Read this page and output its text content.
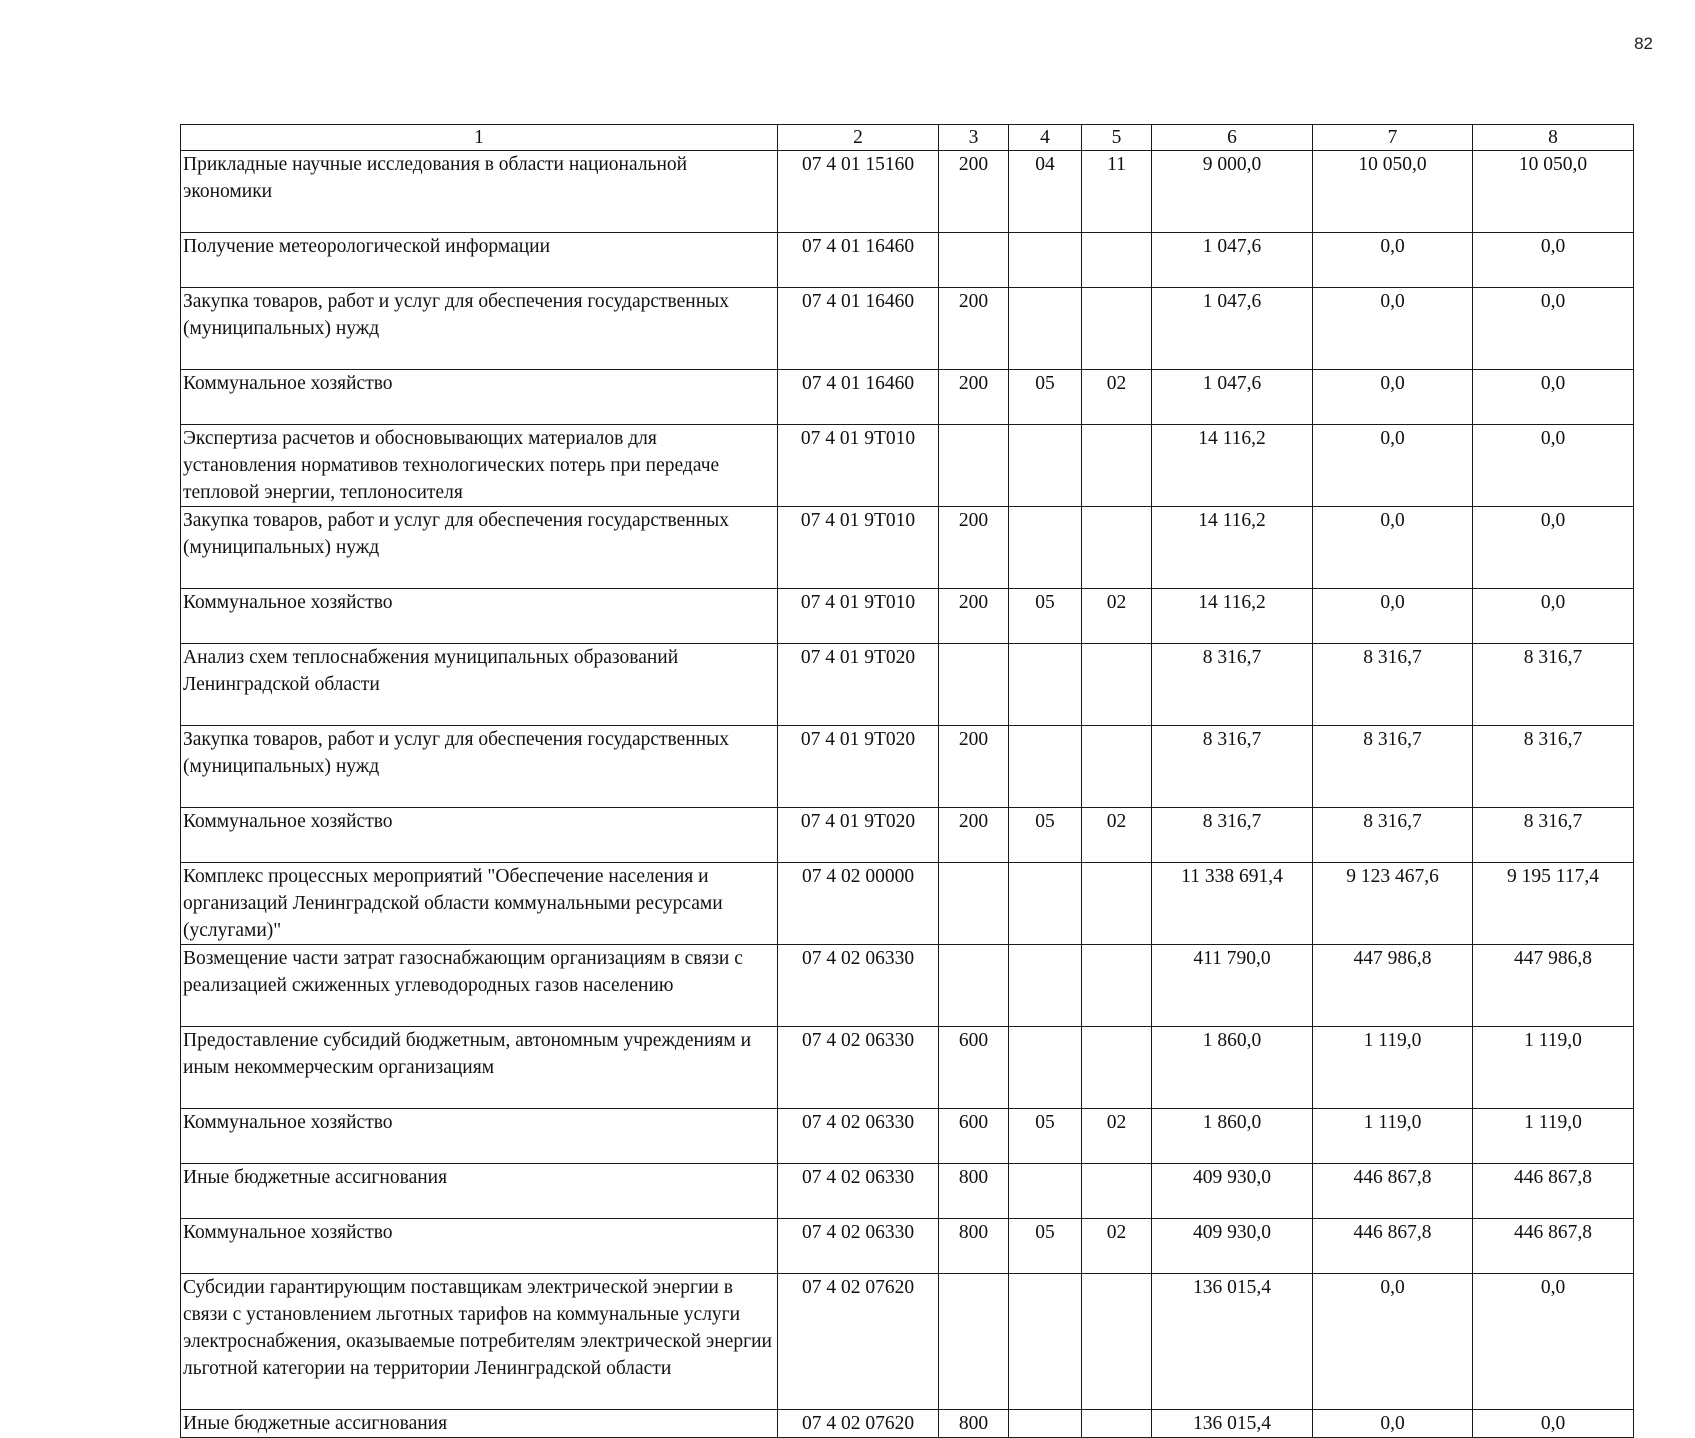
82
1	2	3	4	5	6	7	8
Прикладные научные исследования в области национальной экономики	07 4 01 15160	200	04	11	9 000,0	10 050,0	10 050,0
Получение метеорологической информации	07 4 01 16460				1 047,6	0,0	0,0
Закупка товаров, работ и услуг для обеспечения государственных (муниципальных) нужд	07 4 01 16460	200			1 047,6	0,0	0,0
Коммунальное хозяйство	07 4 01 16460	200	05	02	1 047,6	0,0	0,0
Экспертиза расчетов и обосновывающих материалов для установления нормативов технологических потерь при передаче тепловой энергии, теплоносителя	07 4 01 9Т010				14 116,2	0,0	0,0
Закупка товаров, работ и услуг для обеспечения государственных (муниципальных) нужд	07 4 01 9Т010	200			14 116,2	0,0	0,0
Коммунальное хозяйство	07 4 01 9Т010	200	05	02	14 116,2	0,0	0,0
Анализ схем теплоснабжения муниципальных образований Ленинградской области	07 4 01 9Т020				8 316,7	8 316,7	8 316,7
Закупка товаров, работ и услуг для обеспечения государственных (муниципальных) нужд	07 4 01 9Т020	200			8 316,7	8 316,7	8 316,7
Коммунальное хозяйство	07 4 01 9Т020	200	05	02	8 316,7	8 316,7	8 316,7
Комплекс процессных мероприятий "Обеспечение населения и организаций Ленинградской области коммунальными ресурсами (услугами)"	07 4 02 00000				11 338 691,4	9 123 467,6	9 195 117,4
Возмещение части затрат газоснабжающим организациям в связи с реализацией сжиженных углеводородных газов населению	07 4 02 06330				411 790,0	447 986,8	447 986,8
Предоставление субсидий бюджетным, автономным учреждениям и иным некоммерческим организациям	07 4 02 06330	600			1 860,0	1 119,0	1 119,0
Коммунальное хозяйство	07 4 02 06330	600	05	02	1 860,0	1 119,0	1 119,0
Иные бюджетные ассигнования	07 4 02 06330	800			409 930,0	446 867,8	446 867,8
Коммунальное хозяйство	07 4 02 06330	800	05	02	409 930,0	446 867,8	446 867,8
Субсидии гарантирующим поставщикам электрической энергии в связи с установлением льготных тарифов на коммунальные услуги электроснабжения, оказываемые потребителям электрической энергии льготной категории на территории Ленинградской области	07 4 02 07620				136 015,4	0,0	0,0
Иные бюджетные ассигнования	07 4 02 07620	800			136 015,4	0,0	0,0
